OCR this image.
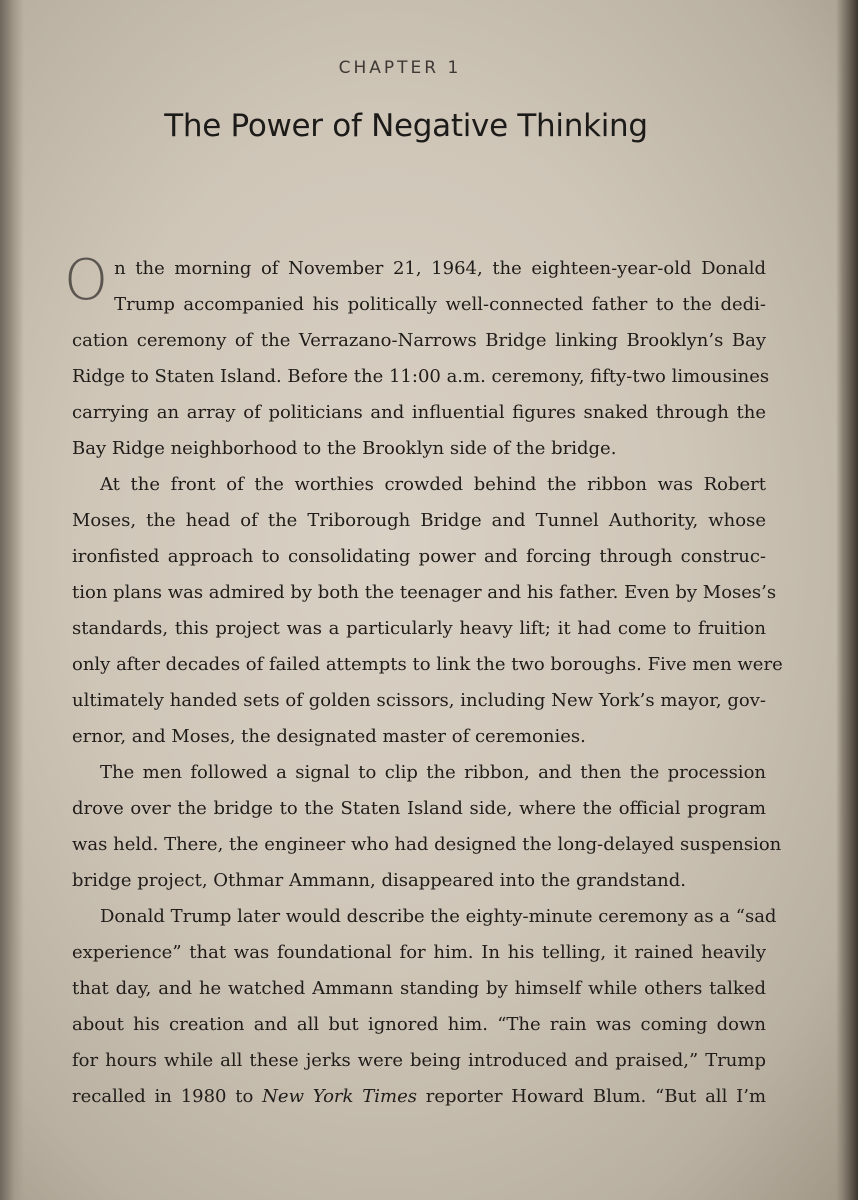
CHAPTER 1
The Power of Negative Thinking
O n the morning of November 21, 1964, the eighteen-year-old Donald
Trump accompanied his politically well-connected father to the dedi-
cation ceremony of the Verrazano-Narrows Bridge linking Brooklyn’s Bay
Ridge to Staten Island. Before the 11:00 a.m. ceremony, fifty-two limousines
carrying an array of politicians and influential figures snaked through the
Bay Ridge neighborhood to the Brooklyn side of the bridge.
At the front of the worthies crowded behind the ribbon was Robert
Moses, the head of the Triborough Bridge and Tunnel Authority, whose
ironfisted approach to consolidating power and forcing through construc-
tion plans was admired by both the teenager and his father. Even by Moses’s
standards, this project was a particularly heavy lift; it had come to fruition
only after decades of failed attempts to link the two boroughs. Five men were
ultimately handed sets of golden scissors, including New York’s mayor, gov-
ernor, and Moses, the designated master of ceremonies.
The men followed a signal to clip the ribbon, and then the procession
drove over the bridge to the Staten Island side, where the official program
was held. There, the engineer who had designed the long-delayed suspension
bridge project, Othmar Ammann, disappeared into the grandstand.
Donald Trump later would describe the eighty-minute ceremony as a “sad
experience” that was foundational for him. In his telling, it rained heavily
that day, and he watched Ammann standing by himself while others talked
about his creation and all but ignored him. “The rain was coming down
for hours while all these jerks were being introduced and praised,” Trump
recalled in 1980 to New York Times reporter Howard Blum. “But all I’m
